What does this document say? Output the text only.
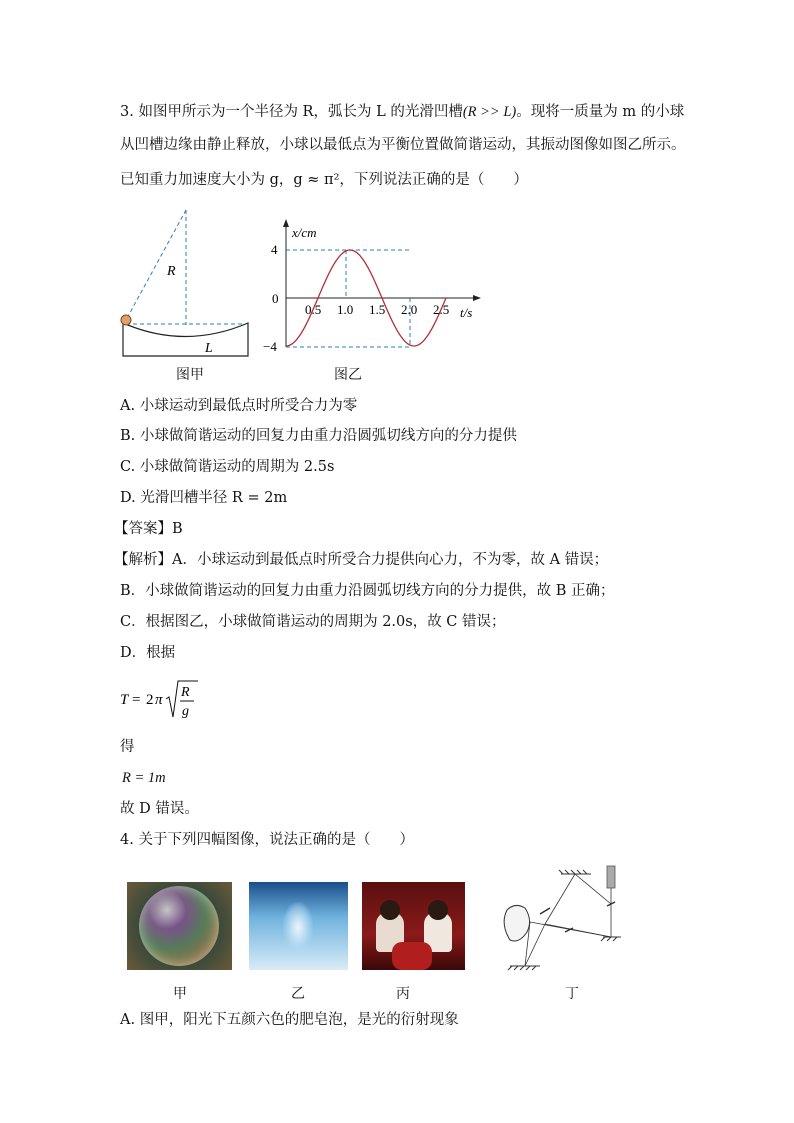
3. 如图甲所示为一个半径为 R，弧长为 L 的光滑凹槽(R >> L)。现将一质量为 m 的小球
从凹槽边缘由静止释放，小球以最低点为平衡位置做简谐运动，其振动图像如图乙所示。
已知重力加速度大小为 g，g ≈ π²，下列说法正确的是（　　）
R
L
图甲
x/cm
t/s
4
0
−4
0.5 1.0 1.5 2.0 2.5
图乙
A. 小球运动到最低点时所受合力为零
B. 小球做简谐运动的回复力由重力沿圆弧切线方向的分力提供
C. 小球做简谐运动的周期为 2.5s
D. 光滑凹槽半径 R = 2m
【答案】B
【解析】A．小球运动到最低点时所受合力提供向心力，不为零，故 A 错误；
B．小球做简谐运动的回复力由重力沿圆弧切线方向的分力提供，故 B 正确；
C．根据图乙，小球做简谐运动的周期为 2.0s，故 C 错误；
D．根据
T = 2 π R
g
得
R = 1m
故 D 错误。
4. 关于下列四幅图像，说法正确的是（　　）
甲	乙	丙	丁
A. 图甲，阳光下五颜六色的肥皂泡，是光的衍射现象
